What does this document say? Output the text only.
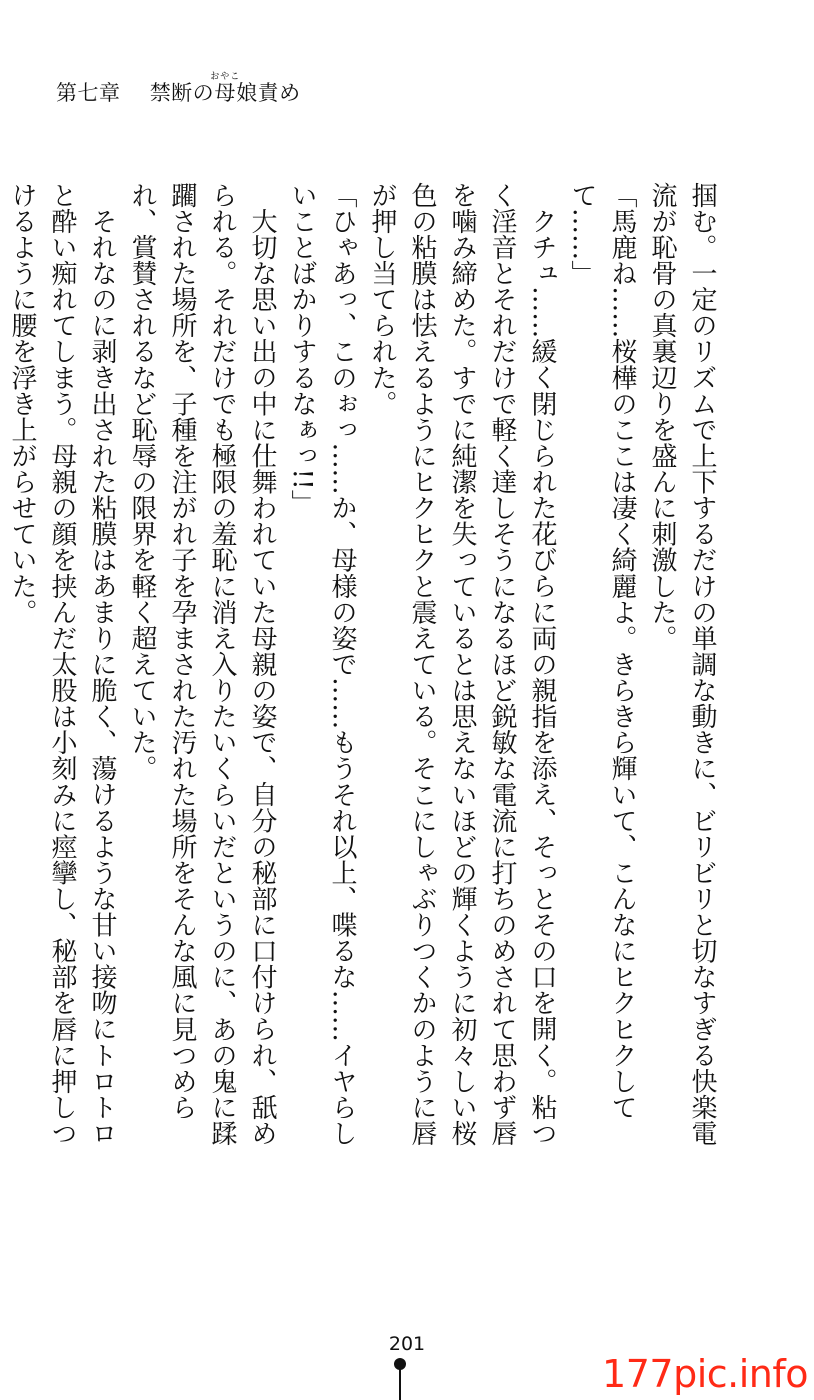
第七章 禁断の母おやこ娘責め

掴む。一定のリズムで上下するだけの単調な動きに、ビリビリと切なすぎる快楽電流が恥骨の真裏辺りを盛んに刺激した。

「馬鹿ね……桜樺のここは凄く綺麗よ。きらきら輝いて、こんなにヒクヒクしてて……」

クチュ……緩く閉じられた花びらに両の親指を添え、そっとその口を開く。粘つく淫音とそれだけで軽く達しそうになるほど鋭敏な電流に打ちのめされて思わず唇を噛み締めた。すでに純潔を失っているとは思えないほどの輝くように初々しい桜色の粘膜は怯えるようにヒクヒクと震えている。そこにしゃぶりつくかのように唇が押し当てられた。

「ひゃあっ、このぉっ……か、母様の姿で……もうそれ以上、喋るな……イヤらしいことばかりするなぁっ!!」

大切な思い出の中に仕舞われていた母親の姿で、自分の秘部に口付けられ、舐められる。それだけでも極限の羞恥に消え入りたいくらいだというのに、あの鬼に蹂躙された場所を、子種を注がれ子を孕まされた汚れた場所をそんな風に見つめられ、賞賛されるなど恥辱の限界を軽く超えていた。

それなのに剥き出された粘膜はあまりに脆く、蕩けるような甘い接吻にトロトロと酔い痴れてしまう。母親の顔を挟んだ太股は小刻みに痙攣し、秘部を唇に押しつけるように腰を浮き上がらせていた。

201
177pic.info
